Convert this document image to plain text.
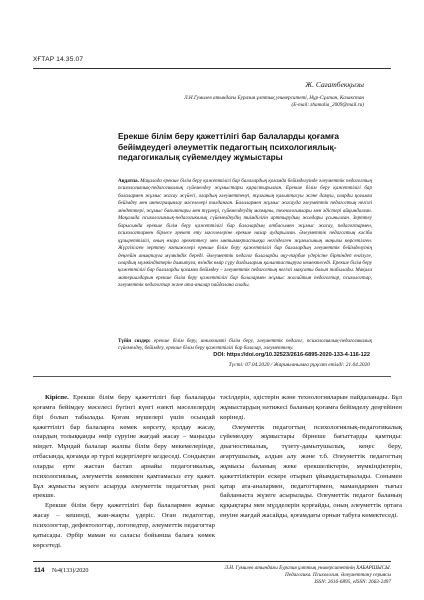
ХҒТАР 14.35.07
Ж. Сағатбекқызы
Л.Н.Гумилев атындағы Еуразия ұлттық университеті, Нұр-Сұлтан, Казакстан
(E-mail: zhamalia_2009@mail.ru)
Ерекше білім беру қажеттілігі бар балаларды қоғамға бейімдеудегі әлеуметтік педагогтың психологиялық-педагогикалық сүйемелдеу жұмыстары
Аңдатпа. Мақалада ерекше білім беру қажеттілігі бар балалардың қоғамда бейімделуінде әлеуметтік педагогтың психологиялық-педагогикалық сүйемелдеу жұмыстары қарастырылған. Ерекше білім беру қажеттілігі бар балалармен жұмыс жасау жүйесі, олардың әлеуметтенуі, тұлғаның қалыптасуы және дамуы, оларды қоғамға бейімдеу мен интеграциялау мәселелері талданған. Балалармен жұмыс жасауда әлеуметтік педагогтың негізгі міндеттері, жұмыс бағыттары мен түрлері, сүйемелдеудің мазмұны, технологиялары мен әдістері айқындалған. Мақалада психологиялық-педагогикалық сүйемелдеудің тиімділігін арттырудың жолдары ұсынылған. Зерттеу барысында ерекше білім беру қажеттілігі бар балалардың отбасымен жұмыс жасау, педагогтармен, психологтармен бірлесе әрекет ету мәселелеріне ерекше назар аударылған. Әлеуметтік педагогтың кәсіби құзыреттілігі, оның өзара әрекеттесу мен ынтымақтастыққа негізделген жұмысының маңызы көрсетілген. Жүргізілген зерттеу нәтижелері ерекше білім беру қажеттілігі бар балалардың әлеуметтік бейімделуінің деңгейін анықтауға мүмкіндік береді. Әлеуметтік педагог балаларды оқу-тәрбие үдерісіне біртіндеп енгізуге, олардың мүмкіндіктерін дамытуға, өзіндік өмір сүру дағдыларын қалыптастыруға көмектеседі. Ерекше білім беру қажеттілігі бар балаларды қоғамға бейімдеу – әлеуметтік педагогтың негізгі мақсаты болып табылады. Мақала материалдарын ерекше білім беру қажеттілігі бар балалармен жұмыс жасайтын педагогтар, психологтар, әлеуметтік педагогтар және ата-аналар пайдалана алады.
Түйін сөздер: ерекше білім беру, инклюзивті білім беру, әлеуметтік педагог, психологиялық-педагогикалық сүйемелдеу, бейімдеу, ерекше білім беру қажеттілігі бар балалар, әлеуметтену.
DOI: https://doi.org/10.32523/2616-6895-2020-133-4-116-122
Түсті: 07.04.2020 / Жарияланымға рұқсат етілді: 21.04.2020

Кіріспе. Ерекше білім беру қажеттілігі бар балаларды қоғамға бейімдеу мәселесі бүгінгі күнгі өзекті мәселелердің бірі болып табылады. Қоғам мүшелері үшін осындай қажеттілігі бар балаларға көмек көрсету, қолдау жасау, олардың толыққанды өмір сүруіне жағдай жасау – маңызды міндет. Мұндай балалар жалпы білім беру мекемелерінде, отбасында, қоғамда әр түрлі кедергілерге кездеседі. Сондықтан оларды ерте жастан бастап арнайы педагогикалық, психологиялық, әлеуметтік көмекпен қамтамасыз ету қажет. Бұл жұмысты жүзеге асыруда әлеуметтік педагогтың рөлі ерекше.

Ерекше білім беру қажеттілігі бар балалармен жұмыс жасау – кешенді, жан-жақты үдеріс. Оған педагогтар, психологтар, дефектологтар, логопедтер, әлеуметтік педагогтар қатысады. Әрбір маман өз саласы бойынша балаға көмек көрсетеді.

тәсілдерін, әдістерін және технологияларын пайдаланады. Бұл жұмыстардың нәтижесі баланың қоғамға бейімделу деңгейінен көрінеді.

Әлеуметтік педагогтың психологиялық-педагогикалық сүйемелдеу жұмыстары бірнеше бағыттарды қамтиды: диагностикалық, түзету-дамытушылық, кеңес беру, ағартушылық, алдын алу және т.б. Әлеуметтік педагогтың жұмысы баланың жеке ерекшеліктерін, мүмкіндіктерін, қажеттіліктерін ескере отырып ұйымдастырылады. Сонымен қатар ата-аналармен, педагогтармен, мамандармен тығыз байланыста жүзеге асырылады. Әлеуметтік педагог баланың құқықтары мен мүдделерін қорғайды, оның әлеуметтік ортаға енуіне жағдай жасайды, қоғамдағы орнын табуға көмектеседі.

114 №4(133)/2020	Л.Н. Гумилев атындағы Еуразия ұлттық университетінің ХАБАРШЫСЫ.
Педагогика. Психология. Әлеуметтану сериясы
ISSN: 2616-6895, eISSN: 2663-2497
